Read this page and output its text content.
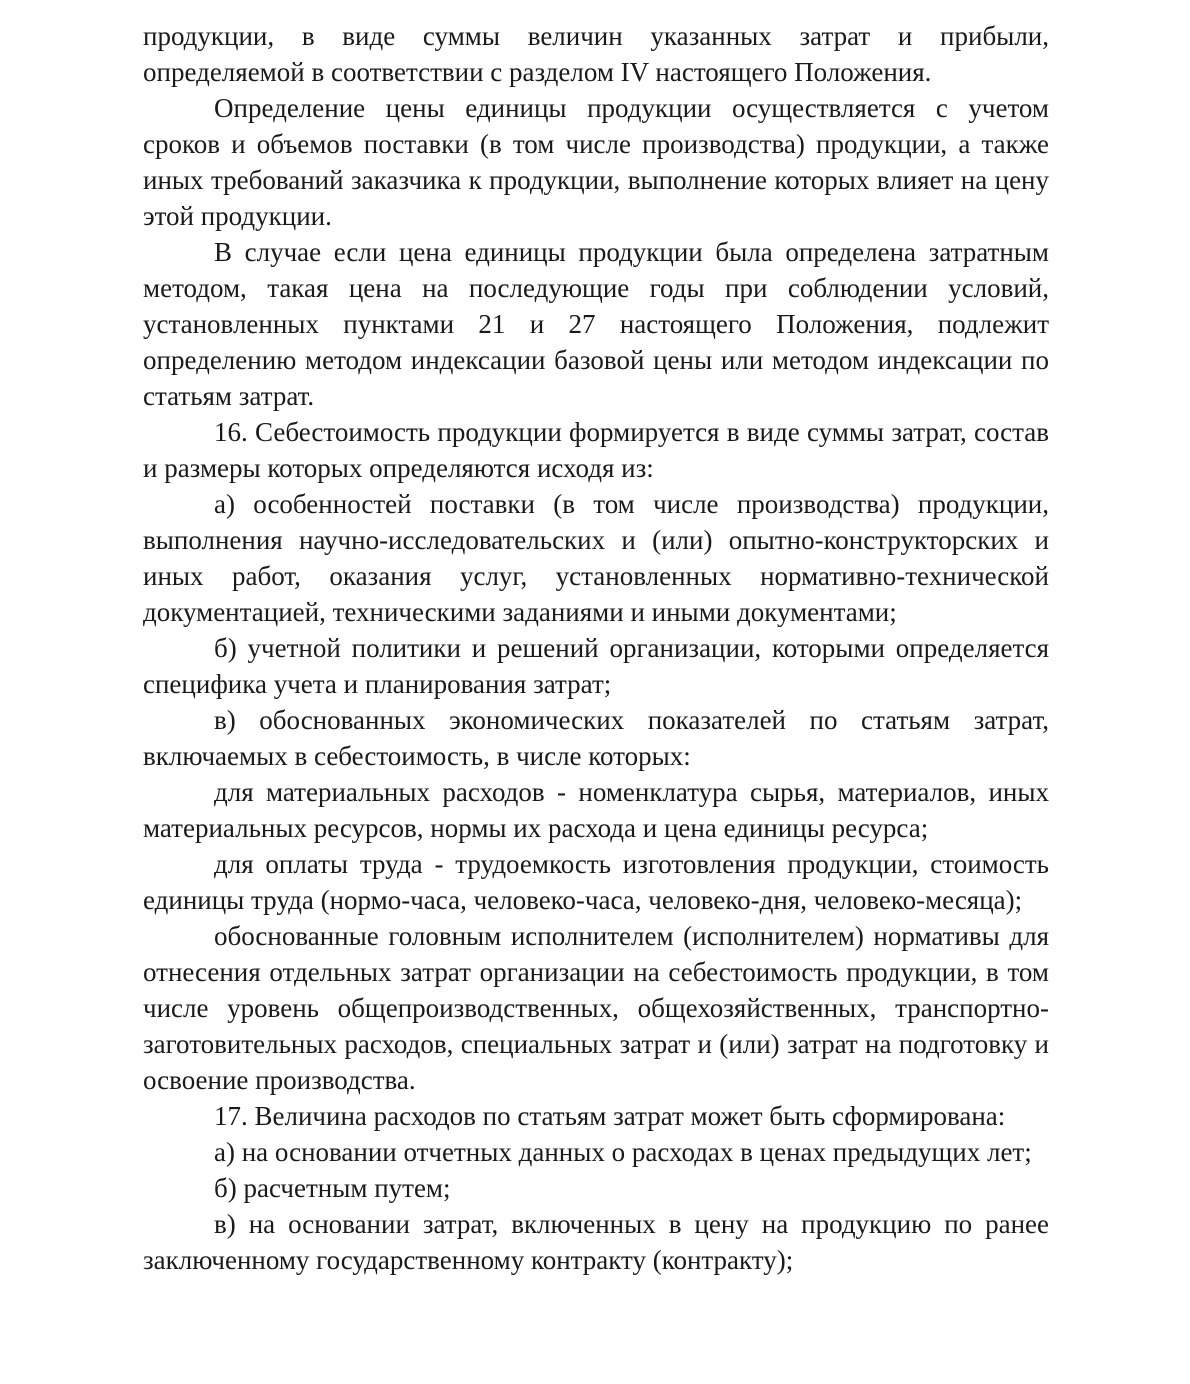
продукции, в виде суммы величин указанных затрат и прибыли, определяемой в соответствии с разделом IV настоящего Положения.

Определение цены единицы продукции осуществляется с учетом сроков и объемов поставки (в том числе производства) продукции, а также иных требований заказчика к продукции, выполнение которых влияет на цену этой продукции.

В случае если цена единицы продукции была определена затратным методом, такая цена на последующие годы при соблюдении условий, установленных пунктами 21 и 27 настоящего Положения, подлежит определению методом индексации базовой цены или методом индексации по статьям затрат.

16. Себестоимость продукции формируется в виде суммы затрат, состав и размеры которых определяются исходя из:

а) особенностей поставки (в том числе производства) продукции, выполнения научно-исследовательских и (или) опытно-конструкторских и иных работ, оказания услуг, установленных нормативно-технической документацией, техническими заданиями и иными документами;

б) учетной политики и решений организации, которыми определяется специфика учета и планирования затрат;

в) обоснованных экономических показателей по статьям затрат, включаемых в себестоимость, в числе которых:

для материальных расходов - номенклатура сырья, материалов, иных материальных ресурсов, нормы их расхода и цена единицы ресурса;

для оплаты труда - трудоемкость изготовления продукции, стоимость единицы труда (нормо-часа, человеко-часа, человеко-дня, человеко-месяца);

обоснованные головным исполнителем (исполнителем) нормативы для отнесения отдельных затрат организации на себестоимость продукции, в том числе уровень общепроизводственных, общехозяйственных, транспортно-заготовительных расходов, специальных затрат и (или) затрат на подготовку и освоение производства.

17. Величина расходов по статьям затрат может быть сформирована:

а) на основании отчетных данных о расходах в ценах предыдущих лет;

б) расчетным путем;

в) на основании затрат, включенных в цену на продукцию по ранее заключенному государственному контракту (контракту);
